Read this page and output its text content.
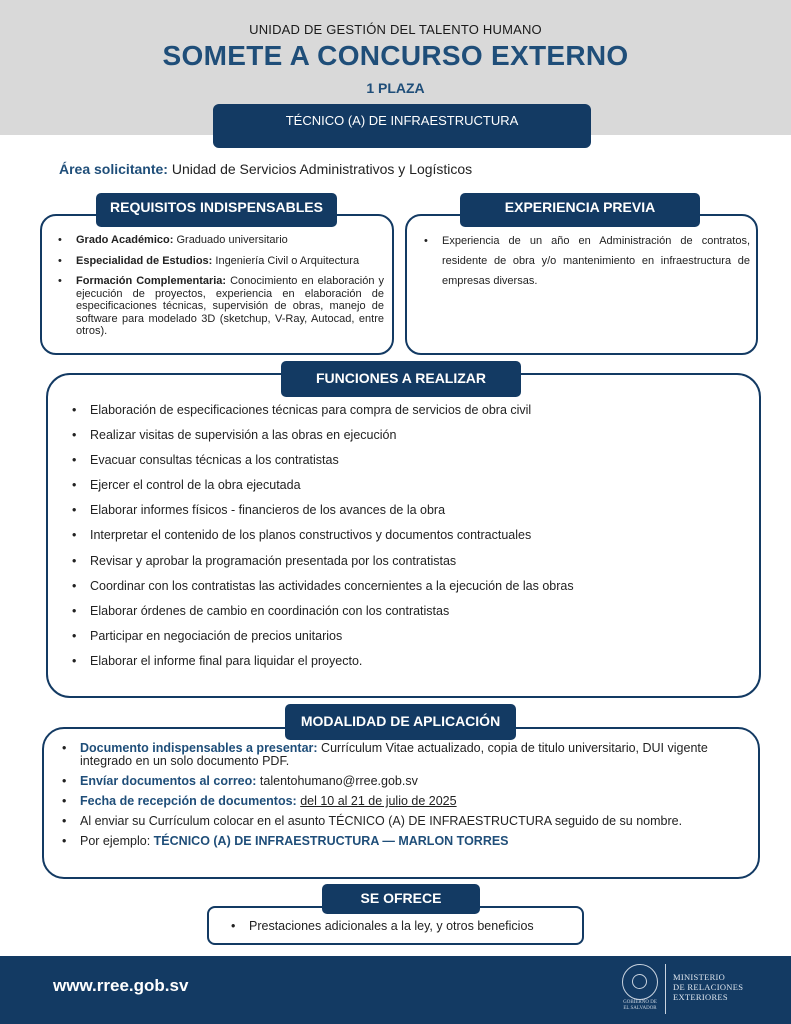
UNIDAD DE GESTIÓN DEL TALENTO HUMANO
SOMETE A CONCURSO EXTERNO
1 PLAZA
TÉCNICO (A) DE INFRAESTRUCTURA
Área solicitante: Unidad de Servicios Administrativos y Logísticos
REQUISITOS INDISPENSABLES
• Grado Académico: Graduado universitario
• Especialidad de Estudios: Ingeniería Civil o Arquitectura
• Formación Complementaria: Conocimiento en elaboración y ejecución de proyectos, experiencia en elaboración de especificaciones técnicas, supervisión de obras, manejo de software para modelado 3D (sketchup, V-Ray, Autocad, entre otros).
EXPERIENCIA PREVIA
• Experiencia de un año en Administración de contratos, residente de obra y/o mantenimiento en infraestructura de empresas diversas.
FUNCIONES A REALIZAR
• Elaboración de especificaciones técnicas para compra de servicios de obra civil
• Realizar visitas de supervisión a las obras en ejecución
• Evacuar consultas técnicas a los contratistas
• Ejercer el control de la obra ejecutada
• Elaborar informes físicos - financieros de los avances de la obra
• Interpretar el contenido de los planos constructivos y documentos contractuales
• Revisar y aprobar la programación presentada por los contratistas
• Coordinar con los contratistas las actividades concernientes a la ejecución de las obras
• Elaborar órdenes de cambio en coordinación con los contratistas
• Participar en negociación de precios unitarios
• Elaborar el informe final para liquidar el proyecto.
MODALIDAD DE APLICACIÓN
• Documento indispensables a presentar: Currículum Vitae actualizado, copia de titulo universitario, DUI vigente integrado en un solo documento PDF.
• Envíar documentos al correo: talentohumano@rree.gob.sv
• Fecha de recepción de documentos: del 10 al 21 de julio de 2025
• Al enviar su Currículum colocar en el asunto TÉCNICO (A) DE INFRAESTRUCTURA seguido de su nombre.
• Por ejemplo: TÉCNICO (A) DE INFRAESTRUCTURA — MARLON TORRES
SE OFRECE
• Prestaciones adicionales a la ley, y otros beneficios
www.rree.gob.sv
GOBIERNO DE
EL SALVADOR
MINISTERIO
DE RELACIONES
EXTERIORES
